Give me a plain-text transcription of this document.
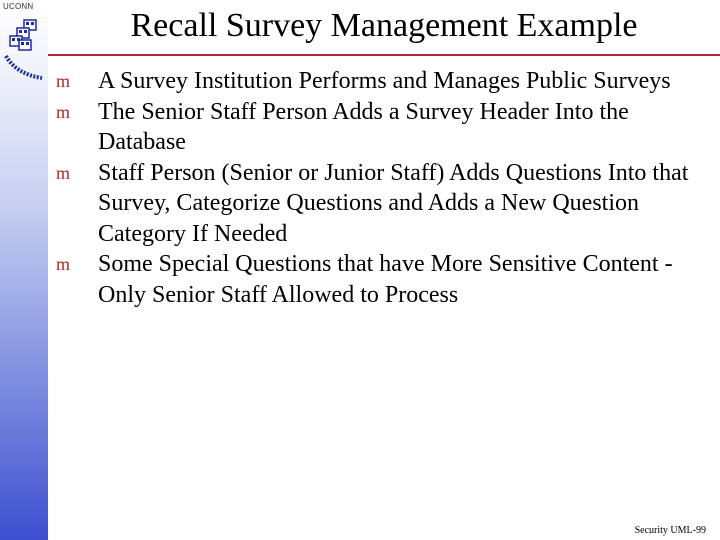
UCONN
Recall Survey Management Example
m A Survey Institution Performs and Manages Public Surveys
m The Senior Staff Person Adds a Survey Header Into the Database
m Staff Person (Senior or Junior Staff) Adds Questions Into that Survey, Categorize Questions and Adds a New Question Category If Needed
m Some Special Questions that have More Sensitive Content - Only Senior Staff Allowed to Process
Security UML-99
